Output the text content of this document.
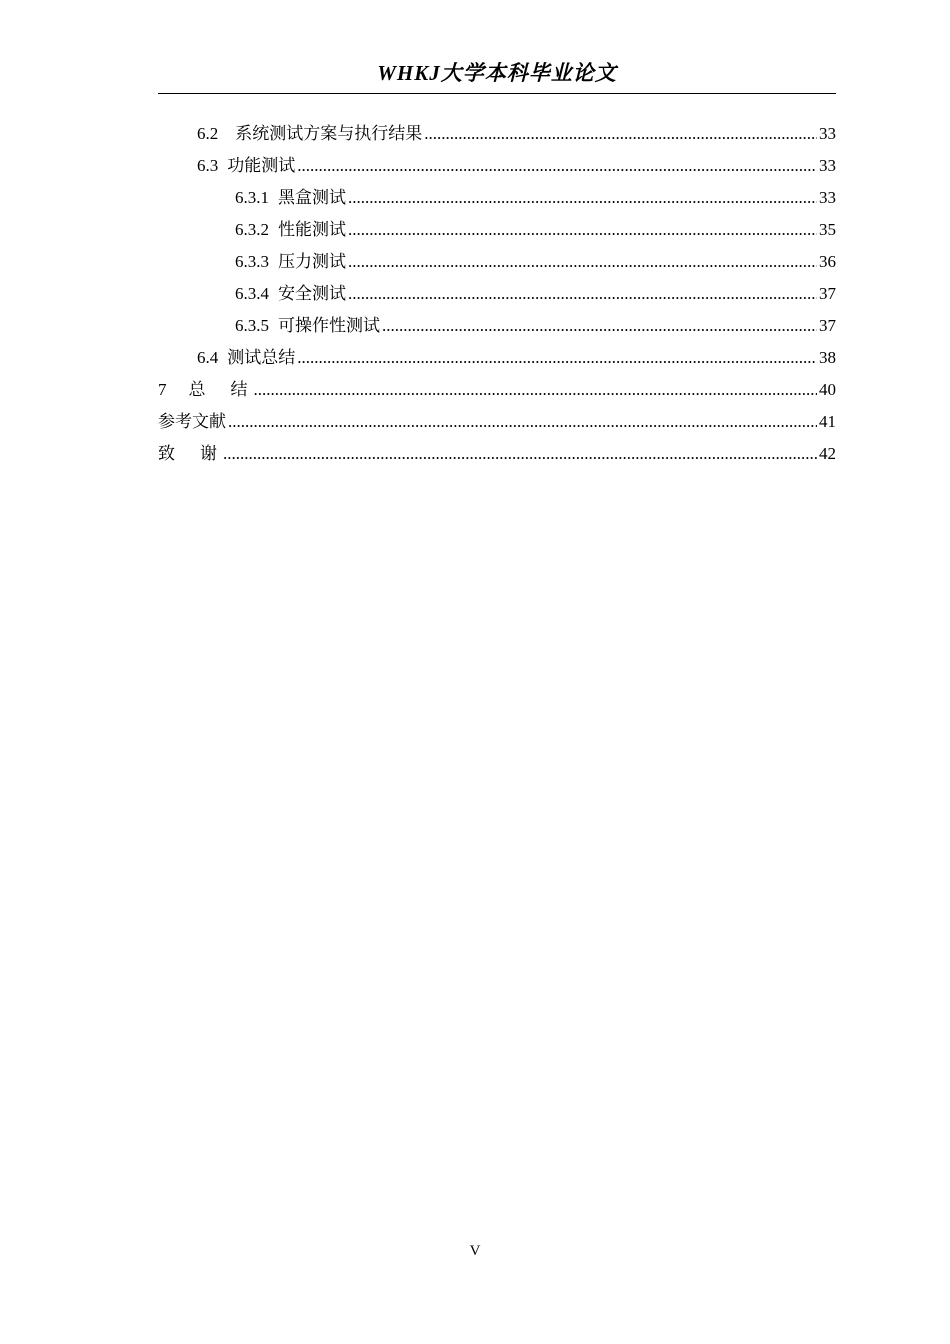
WHKJ大学本科毕业论文
6.2 系统测试方案与执行结果 .....	33
6.3 功能测试 .....	33
6.3.1 黑盒测试 .....	33
6.3.2 性能测试 .....	35
6.3.3 压力测试 .....	36
6.3.4 安全测试 .....	37
6.3.5 可操作性测试 .....	37
6.4 测试总结 .....	38
7 总　结 .....	40
参考文献 .....	41
致　谢 .....	42
V
